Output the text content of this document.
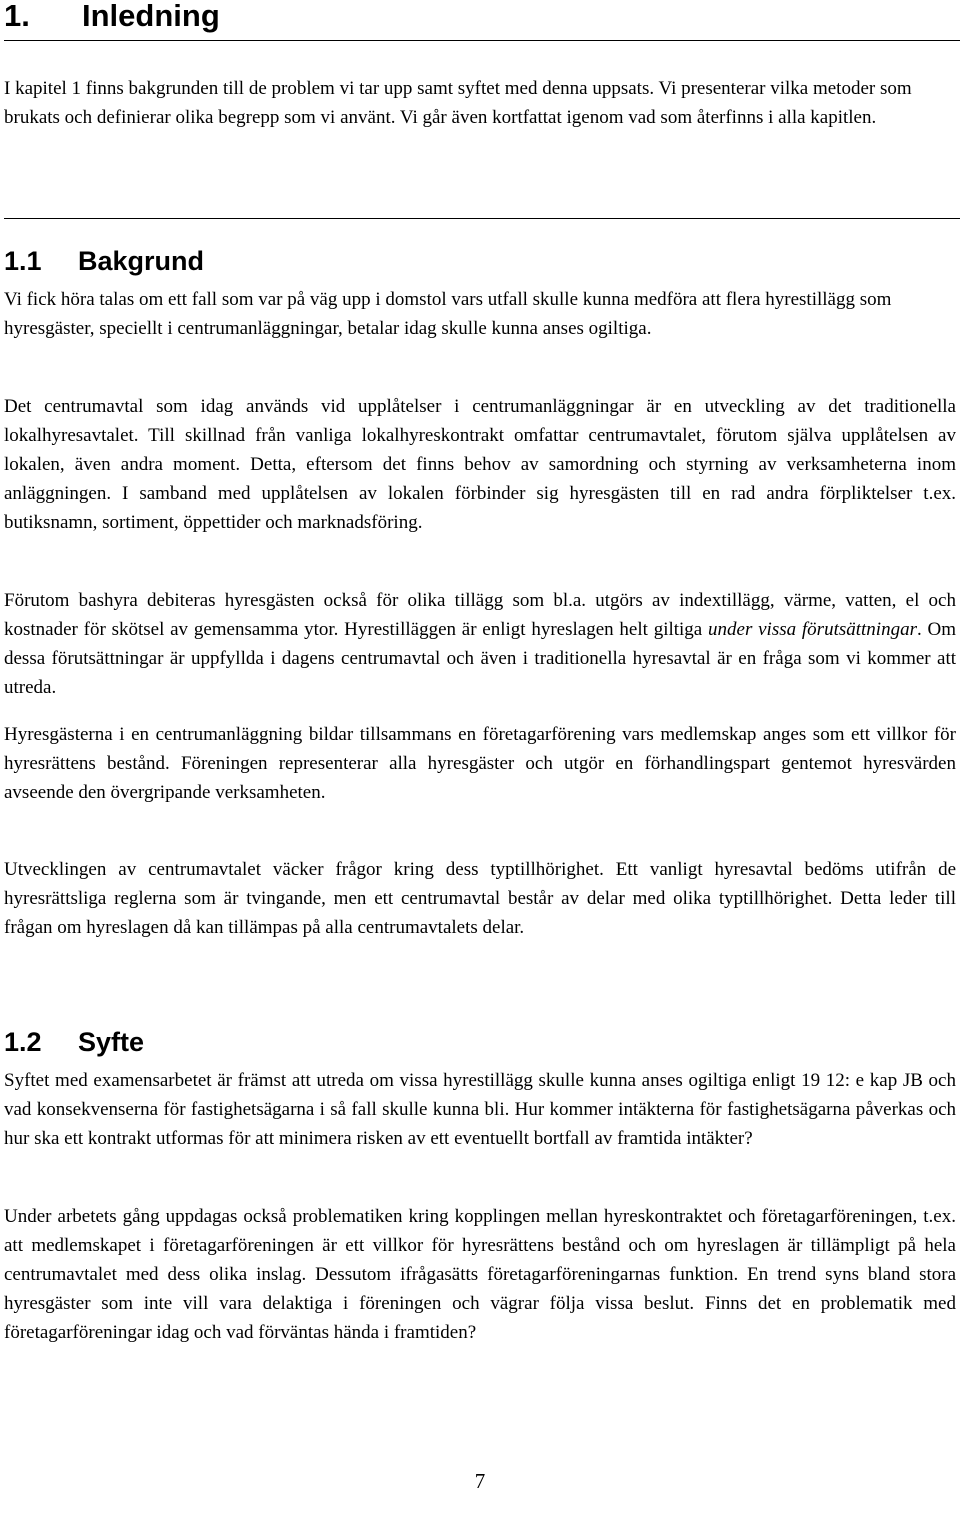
1. Inledning

I kapitel 1 finns bakgrunden till de problem vi tar upp samt syftet med denna uppsats. Vi presenterar vilka metoder som brukats och definierar olika begrepp som vi använt. Vi går även kortfattat igenom vad som återfinns i alla kapitlen.

1.1 Bakgrund

Vi fick höra talas om ett fall som var på väg upp i domstol vars utfall skulle kunna medföra att flera hyrestillägg som hyresgäster, speciellt i centrumanläggningar, betalar idag skulle kunna anses ogiltiga.

Det centrumavtal som idag används vid upplåtelser i centrumanläggningar är en utveckling av det traditionella lokalhyresavtalet. Till skillnad från vanliga lokalhyreskontrakt omfattar centrumavtalet, förutom själva upplåtelsen av lokalen, även andra moment. Detta, eftersom det finns behov av samordning och styrning av verksamheterna inom anläggningen. I samband med upplåtelsen av lokalen förbinder sig hyresgästen till en rad andra förpliktelser t.ex. butiksnamn, sortiment, öppettider och marknadsföring.

Förutom bashyra debiteras hyresgästen också för olika tillägg som bl.a. utgörs av indextillägg, värme, vatten, el och kostnader för skötsel av gemensamma ytor. Hyrestilläggen är enligt hyreslagen helt giltiga under vissa förutsättningar. Om dessa förutsättningar är uppfyllda i dagens centrumavtal och även i traditionella hyresavtal är en fråga som vi kommer att utreda.

Hyresgästerna i en centrumanläggning bildar tillsammans en företagarförening vars medlemskap anges som ett villkor för hyresrättens bestånd. Föreningen representerar alla hyresgäster och utgör en förhandlingspart gentemot hyresvärden avseende den övergripande verksamheten.

Utvecklingen av centrumavtalet väcker frågor kring dess typtillhörighet. Ett vanligt hyresavtal bedöms utifrån de hyresrättsliga reglerna som är tvingande, men ett centrumavtal består av delar med olika typtillhörighet. Detta leder till frågan om hyreslagen då kan tillämpas på alla centrumavtalets delar.

1.2 Syfte

Syftet med examensarbetet är främst att utreda om vissa hyrestillägg skulle kunna anses ogiltiga enligt 19 12: e kap JB och vad konsekvenserna för fastighetsägarna i så fall skulle kunna bli. Hur kommer intäkterna för fastighetsägarna påverkas och hur ska ett kontrakt utformas för att minimera risken av ett eventuellt bortfall av framtida intäkter?

Under arbetets gång uppdagas också problematiken kring kopplingen mellan hyreskontraktet och företagarföreningen, t.ex. att medlemskapet i företagarföreningen är ett villkor för hyresrättens bestånd och om hyreslagen är tillämpligt på hela centrumavtalet med dess olika inslag. Dessutom ifrågasätts företagarföreningarnas funktion. En trend syns bland stora hyresgäster som inte vill vara delaktiga i föreningen och vägrar följa vissa beslut. Finns det en problematik med företagarföreningar idag och vad förväntas hända i framtiden?

7
